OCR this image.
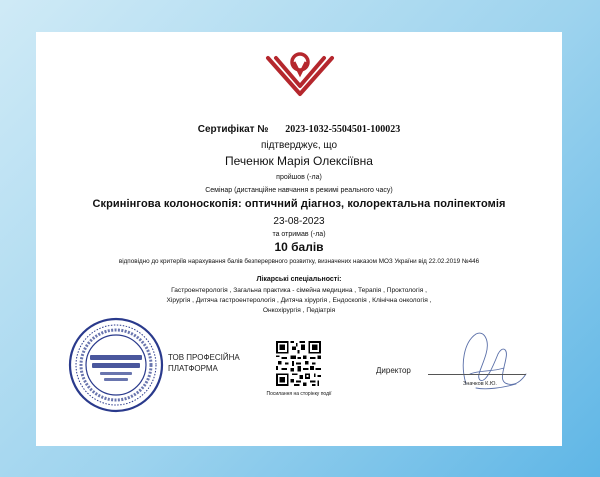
Сертифікат № 2023-1032-5504501-100023
підтверджує, що
Печенюк Марія Олексіївна
пройшов (-ла)
Семінар (дистанційне навчання в режимі реального часу)
Скринінгова колоноскопія: оптичний діагноз, колоректальна поліпектомія
23-08-2023
та отримав (-ла)
10 балів
відповідно до критеріїв нарахування балів безперервного розвитку, визначених наказом МОЗ України від 22.02.2019 №446
Лікарські спеціальності:
Гастроентерологія , Загальна практика - сімейна медицина , Терапія , Проктологія ,
Хірургія , Дитяча гастроентерологія , Дитяча хірургія , Ендоскопія , Клінічна онкологія ,
Онкохірургія , Педіатрія
ТОВ ПРОФЕСІЙНА
ПЛАТФОРМА
Посилання на сторінку події
Директор
Значков К.Ю.
